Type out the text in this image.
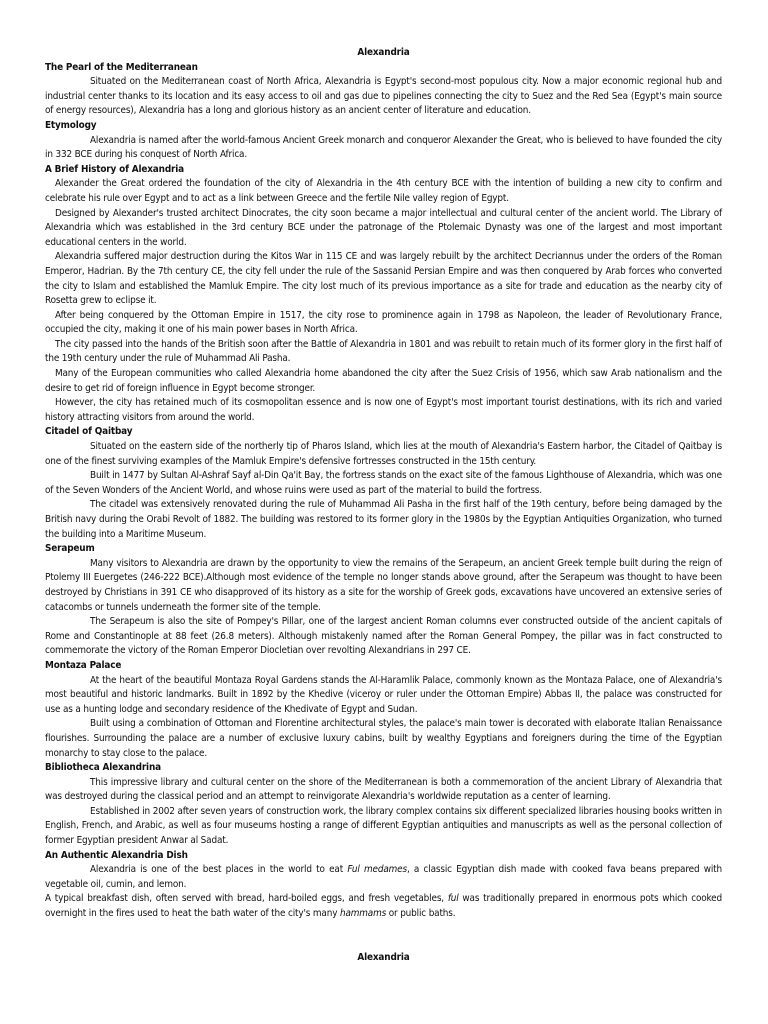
Alexandria

The Pearl of the Mediterranean

Situated on the Mediterranean coast of North Africa, Alexandria is Egypt's second-most populous city. Now a major economic regional hub and industrial center thanks to its location and its easy access to oil and gas due to pipelines connecting the city to Suez and the Red Sea (Egypt's main source of energy resources), Alexandria has a long and glorious history as an ancient center of literature and education.

Etymology

Alexandria is named after the world-famous Ancient Greek monarch and conqueror Alexander the Great, who is believed to have founded the city in 332 BCE during his conquest of North Africa.

A Brief History of Alexandria

Alexander the Great ordered the foundation of the city of Alexandria in the 4th century BCE with the intention of building a new city to confirm and celebrate his rule over Egypt and to act as a link between Greece and the fertile Nile valley region of Egypt.

Designed by Alexander's trusted architect Dinocrates, the city soon became a major intellectual and cultural center of the ancient world. The Library of Alexandria which was established in the 3rd century BCE under the patronage of the Ptolemaic Dynasty was one of the largest and most important educational centers in the world.

Alexandria suffered major destruction during the Kitos War in 115 CE and was largely rebuilt by the architect Decriannus under the orders of the Roman Emperor, Hadrian. By the 7th century CE, the city fell under the rule of the Sassanid Persian Empire and was then conquered by Arab forces who converted the city to Islam and established the Mamluk Empire. The city lost much of its previous importance as a site for trade and education as the nearby city of Rosetta grew to eclipse it.

After being conquered by the Ottoman Empire in 1517, the city rose to prominence again in 1798 as Napoleon, the leader of Revolutionary France, occupied the city, making it one of his main power bases in North Africa.

The city passed into the hands of the British soon after the Battle of Alexandria in 1801 and was rebuilt to retain much of its former glory in the first half of the 19th century under the rule of Muhammad Ali Pasha.

Many of the European communities who called Alexandria home abandoned the city after the Suez Crisis of 1956, which saw Arab nationalism and the desire to get rid of foreign influence in Egypt become stronger.

However, the city has retained much of its cosmopolitan essence and is now one of Egypt's most important tourist destinations, with its rich and varied history attracting visitors from around the world.

Citadel of Qaitbay

Situated on the eastern side of the northerly tip of Pharos Island, which lies at the mouth of Alexandria's Eastern harbor, the Citadel of Qaitbay is one of the finest surviving examples of the Mamluk Empire's defensive fortresses constructed in the 15th century.

Built in 1477 by Sultan Al-Ashraf Sayf al-Din Qa'it Bay, the fortress stands on the exact site of the famous Lighthouse of Alexandria, which was one of the Seven Wonders of the Ancient World, and whose ruins were used as part of the material to build the fortress.

The citadel was extensively renovated during the rule of Muhammad Ali Pasha in the first half of the 19th century, before being damaged by the British navy during the Orabi Revolt of 1882. The building was restored to its former glory in the 1980s by the Egyptian Antiquities Organization, who turned the building into a Maritime Museum.

Serapeum

Many visitors to Alexandria are drawn by the opportunity to view the remains of the Serapeum, an ancient Greek temple built during the reign of Ptolemy III Euergetes (246-222 BCE).Although most evidence of the temple no longer stands above ground, after the Serapeum was thought to have been destroyed by Christians in 391 CE who disapproved of its history as a site for the worship of Greek gods, excavations have uncovered an extensive series of catacombs or tunnels underneath the former site of the temple.

The Serapeum is also the site of Pompey's Pillar, one of the largest ancient Roman columns ever constructed outside of the ancient capitals of Rome and Constantinople at 88 feet (26.8 meters). Although mistakenly named after the Roman General Pompey, the pillar was in fact constructed to commemorate the victory of the Roman Emperor Diocletian over revolting Alexandrians in 297 CE.

Montaza Palace

At the heart of the beautiful Montaza Royal Gardens stands the Al-Haramlik Palace, commonly known as the Montaza Palace, one of Alexandria's most beautiful and historic landmarks. Built in 1892 by the Khedive (viceroy or ruler under the Ottoman Empire) Abbas II, the palace was constructed for use as a hunting lodge and secondary residence of the Khedivate of Egypt and Sudan.

Built using a combination of Ottoman and Florentine architectural styles, the palace's main tower is decorated with elaborate Italian Renaissance flourishes. Surrounding the palace are a number of exclusive luxury cabins, built by wealthy Egyptians and foreigners during the time of the Egyptian monarchy to stay close to the palace.

Bibliotheca Alexandrina

This impressive library and cultural center on the shore of the Mediterranean is both a commemoration of the ancient Library of Alexandria that was destroyed during the classical period and an attempt to reinvigorate Alexandria's worldwide reputation as a center of learning.

Established in 2002 after seven years of construction work, the library complex contains six different specialized libraries housing books written in English, French, and Arabic, as well as four museums hosting a range of different Egyptian antiquities and manuscripts as well as the personal collection of former Egyptian president Anwar al Sadat.

An Authentic Alexandria Dish

Alexandria is one of the best places in the world to eat Ful medames, a classic Egyptian dish made with cooked fava beans prepared with vegetable oil, cumin, and lemon.

A typical breakfast dish, often served with bread, hard-boiled eggs, and fresh vegetables, ful was traditionally prepared in enormous pots which cooked overnight in the fires used to heat the bath water of the city's many hammams or public baths.

Alexandria
